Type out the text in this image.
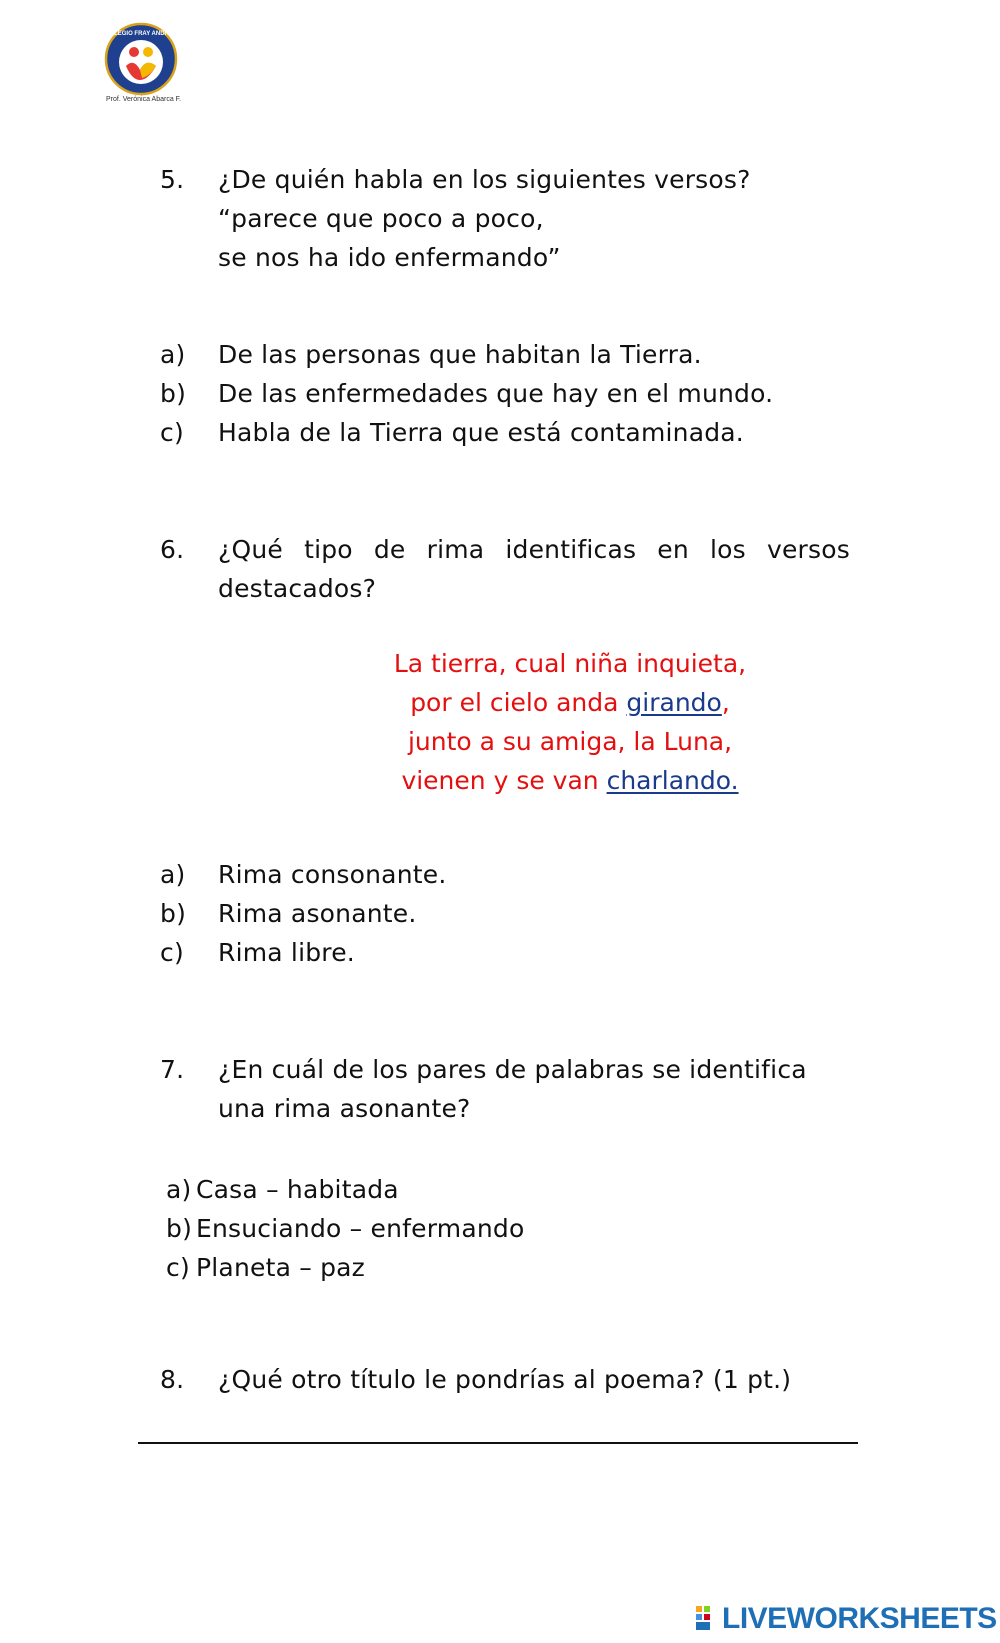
COLEGIO FRAY ANDRÉS
Prof. Verónica Abarca F.
5.	¿De quién habla en los siguientes versos?
“parece que poco a poco,
se nos ha ido enfermando”
a)	De las personas que habitan la Tierra.
b)	De las enfermedades que hay en el mundo.
c)	Habla de la Tierra que está contaminada.
6.	¿Qué tipo de rima identificas en los versos
destacados?
La tierra, cual niña inquieta,
por el cielo anda girando,
junto a su amiga, la Luna,
vienen y se van charlando.
a)	Rima consonante.
b)	Rima asonante.
c)	Rima libre.
7.	¿En cuál de los pares de palabras se identifica
una rima asonante?
a) Casa – habitada
b) Ensuciando – enfermando
c) Planeta – paz
8.	¿Qué otro título le pondrías al poema? (1 pt.)
LIVEWORKSHEETS
